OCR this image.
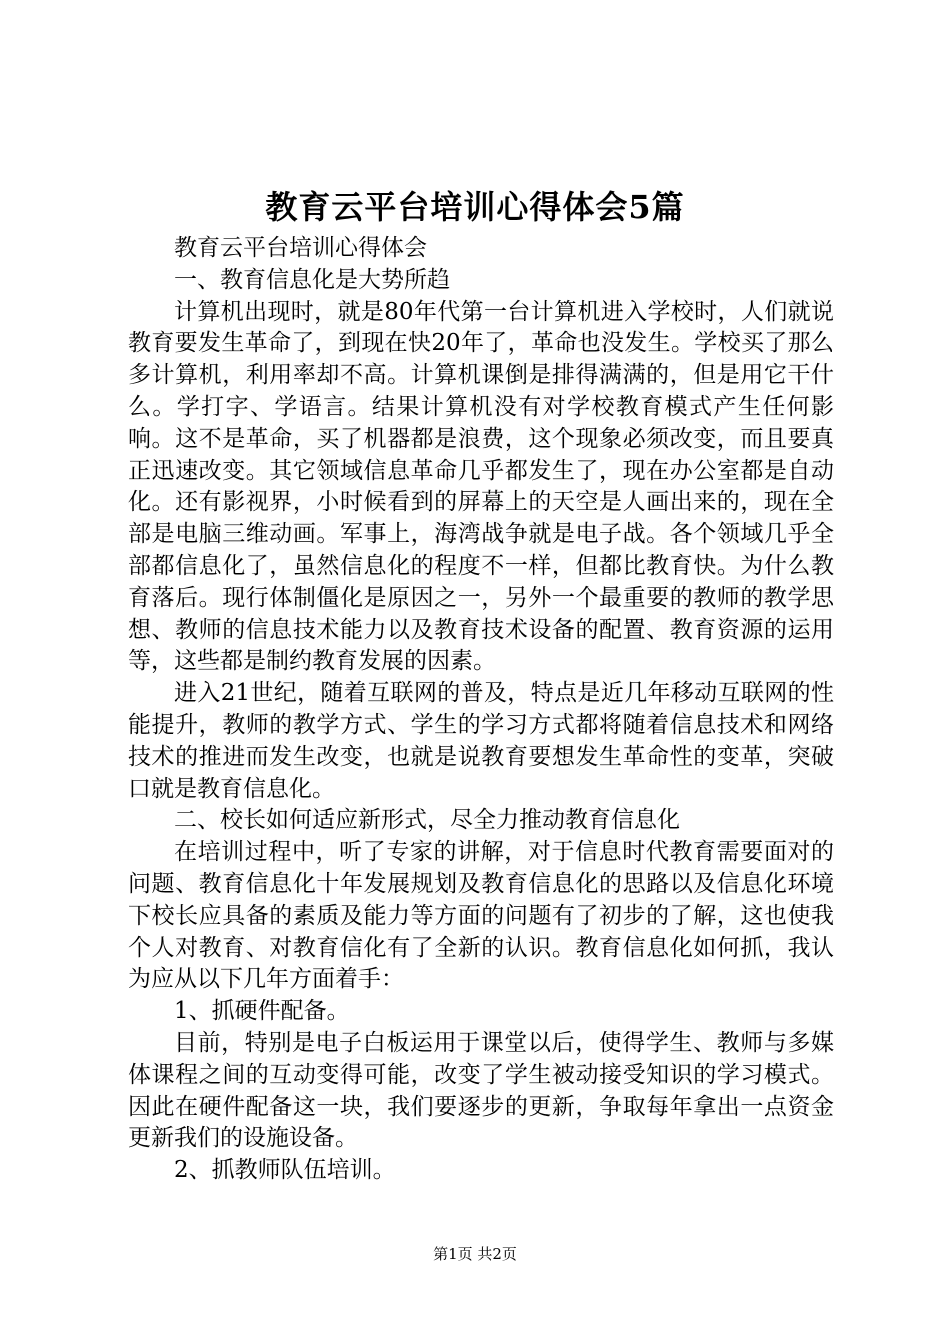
教育云平台培训心得体会5篇

教育云平台培训心得体会

一、教育信息化是大势所趋

计算机出现时，就是80年代第一台计算机进入学校时，人们就说教育要发生革命了，到现在快20年了，革命也没发生。学校买了那么多计算机，利用率却不高。计算机课倒是排得满满的，但是用它干什么。学打字、学语言。结果计算机没有对学校教育模式产生任何影响。这不是革命，买了机器都是浪费，这个现象必须改变，而且要真正迅速改变。其它领域信息革命几乎都发生了，现在办公室都是自动化。还有影视界，小时候看到的屏幕上的天空是人画出来的，现在全部是电脑三维动画。军事上，海湾战争就是电子战。各个领域几乎全部都信息化了，虽然信息化的程度不一样，但都比教育快。为什么教育落后。现行体制僵化是原因之一，另外一个最重要的教师的教学思想、教师的信息技术能力以及教育技术设备的配置、教育资源的运用等，这些都是制约教育发展的因素。

进入21世纪，随着互联网的普及，特点是近几年移动互联网的性能提升，教师的教学方式、学生的学习方式都将随着信息技术和网络技术的推进而发生改变，也就是说教育要想发生革命性的变革，突破口就是教育信息化。

二、校长如何适应新形式，尽全力推动教育信息化

在培训过程中，听了专家的讲解，对于信息时代教育需要面对的问题、教育信息化十年发展规划及教育信息化的思路以及信息化环境下校长应具备的素质及能力等方面的问题有了初步的了解，这也使我个人对教育、对教育信化有了全新的认识。教育信息化如何抓，我认为应从以下几年方面着手：

1、抓硬件配备。

目前，特别是电子白板运用于课堂以后，使得学生、教师与多媒体课程之间的互动变得可能，改变了学生被动接受知识的学习模式。因此在硬件配备这一块，我们要逐步的更新，争取每年拿出一点资金更新我们的设施设备。

2、抓教师队伍培训。

第1页 共2页
